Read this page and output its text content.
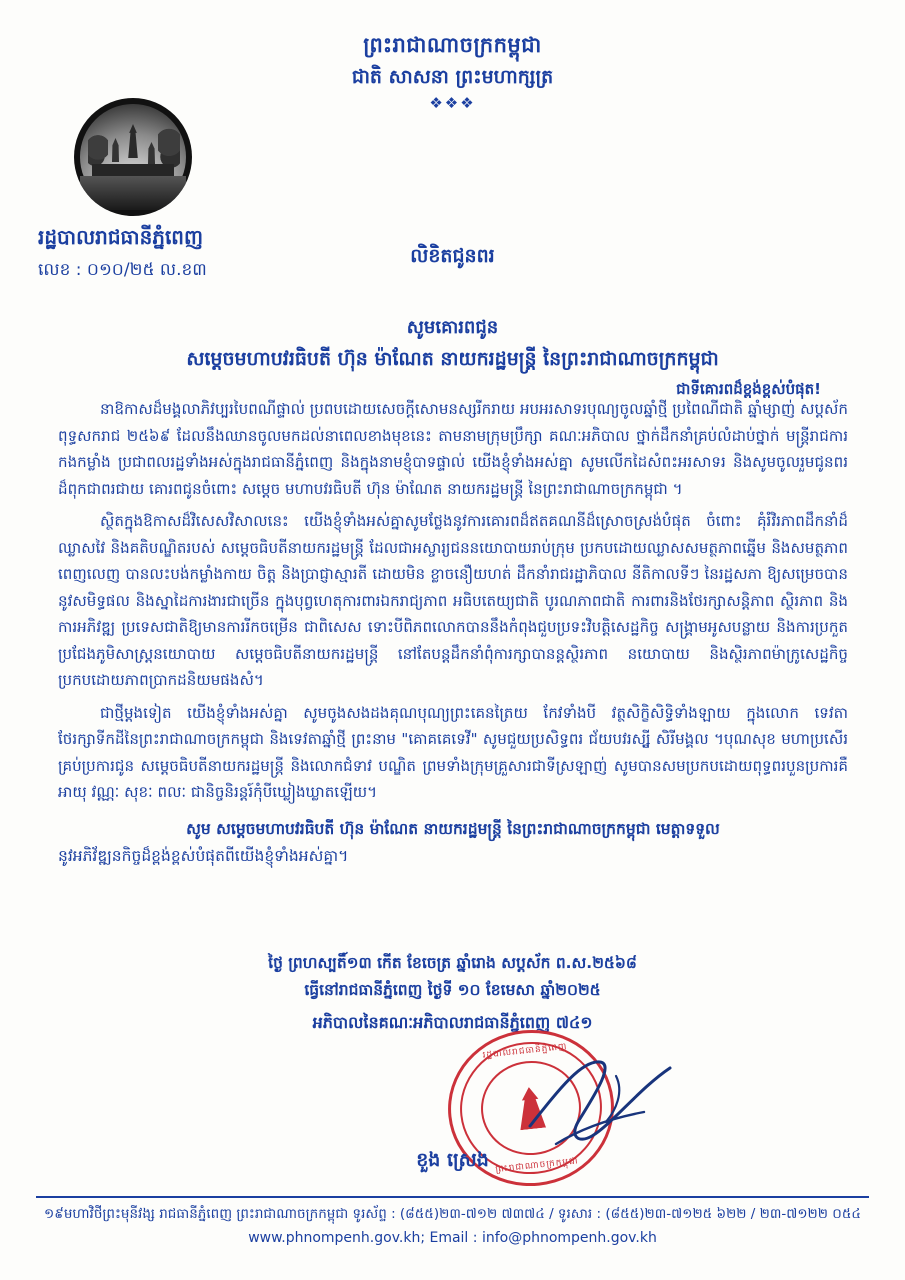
ព្រះរាជាណាចក្រកម្ពុជា
ជាតិ សាសនា ព្រះមហាក្សត្រ
❖❖❖
រដ្ឋបាលរាជធានីភ្នំពេញ
លេខ : ០១០/២៥ ល.ខ៣
លិខិតជូនពរ
សូមគោរពជូន
សម្តេចមហាបវរធិបតី ហ៊ុន ម៉ាណែត នាយករដ្ឋមន្ត្រី នៃព្រះរាជាណាចក្រកម្ពុជា
ជាទីគោរពដ៏ខ្ពង់ខ្ពស់បំផុត!

នាឱកាសដ៏មង្គលាភិវប្បរបៃពណីផ្ទាល់ ប្រពបដោយសេចក្ដីសោមនស្សរីករាយ អបអរសាទរបុណ្យចូលឆ្នាំថ្មី ប្រពៃណីជាតិ ឆ្នាំម្សាញ់ សប្ដស័ក ពុទ្ធសករាជ ២៥៦៩ ដែលនឹងឈានចូលមកដល់នាពេលខាងមុខនេះ តាមនាមក្រុមប្រឹក្សា គណៈអភិបាល ថ្នាក់ដឹកនាំគ្រប់លំដាប់ថ្នាក់ មន្ត្រីរាជការ កងកម្លាំង ប្រជាពលរដ្ឋទាំងអស់ក្នុងរាជធានីភ្នំពេញ និងក្នុងនាមខ្ញុំបាទផ្ទាល់ យើងខ្ញុំទាំងអស់គ្នា សូមលើកដៃសំពះអរសាទរ និងសូមចូលរួមជូនពរដ៏ពុកជាពរជាយ គោរពជូនចំពោះ សម្តេច មហាបវរធិបតី ហ៊ុន ម៉ាណែត នាយករដ្ឋមន្ត្រី នៃព្រះរាជាណាចក្រកម្ពុជា ។

ស្ថិតក្នុងឱកាសដ៏វិសេសវិសាលនេះ យើងខ្ញុំទាំងអស់គ្នាសូមថ្លែងនូវការគោរពដ៏ឥតគណនីដ៏ស្រោចស្រង់បំផុត ចំពោះ គុំរំវិរភាពដឹកនាំដ៏ឈ្លាសវៃ និងគតិបណ្ឌិតរបស់ សម្តេចធិបតីនាយករដ្ឋមន្ត្រី ដែលជាអស្ចារ្យជននយោបាយរាប់ក្រុម ប្រកបដោយឈ្លាសសមត្ថភាពឆ្នើម និងសមត្ថភាពពេញលេញ បានលះបង់កម្លាំងកាយ ចិត្ត និងប្រាជ្ញាស្មារតី ដោយមិន ខ្លាចនឿយហត់ ដឹកនាំរាជរដ្ឋាភិបាល នីតិកាលទីៗ នៃរដ្ឋសភា ឱ្យសម្រេចបាននូវសមិទ្ធផល និងស្នាដៃការងារជាច្រើន ក្នុងបុព្វហេតុការពារឯករាជ្យភាព អធិបតេយ្យជាតិ បូរណភាពជាតិ ការពារនិងថែរក្សាសន្តិភាព ស្ថិរភាព និងការអភិវឌ្ឍ ប្រទេសជាតិឱ្យមានការរីកចម្រើន ជាពិសេស ទោះបីពិភពលោកបាននឹងកំពុងជួបប្រទះវិបត្តិសេដ្ឋកិច្ច សង្គ្រាមអូសបន្លាយ និងការប្រកួតប្រជែងភូមិសាស្ត្រនយោបាយ សម្តេចធិបតីនាយករដ្ឋមន្ត្រី នៅតែបន្តដឹកនាំពុំការក្សាបានន្តស្ថិរភាព នយោបាយ និងស្ថិរភាពម៉ាក្រូសេដ្ឋកិច្ច ប្រកបដោយភាពប្រាកដនិយមផងសំ។

ជាថ្មីម្ដងទៀត យើងខ្ញុំទាំងអស់គ្នា សូមចូងសងដងគុណបុណ្យព្រះគេនត្រៃយ កែវទាំងបី វត្ថសិក្ខិសិទ្ធិទាំងឡាយ ក្នុងលោក ទេវតាថែរក្សាទីកដីនៃព្រះរាជាណាចក្រកម្ពុជា និងទេវតាឆ្នាំថ្មី ព្រះនាម "គោគគេទេវី" សូមជួយប្រសិទ្ធពរ ជ័យបវរស្ស្ដី សិរីមង្គល ។បុណសុខ មហាប្រសើរគ្រប់ប្រការជូន សម្តេចធិបតីនាយករដ្ឋមន្ត្រី និងលោកជំទាវ បណ្ឌិត ព្រមទាំងក្រុមគ្រួសារជាទីស្រឡាញ់ សូមបានសមប្រកបដោយពុទ្ធពរបួនប្រការគឺ អាយុ វណ្ណៈ សុខៈ ពលៈ ជានិច្ចនិរន្ដរ៍កុំបីឃ្លៀងឃ្លាតឡើយ។

សូម សម្តេចមហាបវរធិបតី ហ៊ុន ម៉ាណែត នាយករដ្ឋមន្ត្រី នៃព្រះរាជាណាចក្រកម្ពុជា មេត្តាទទួល
នូវអភិវ័ឌ្ឍនកិច្ចដ៏ខ្ពង់ខ្ពស់បំផុតពីយើងខ្ញុំទាំងអស់គ្នា។
ថ្ងៃ ព្រហស្បតិ៍១៣ កើត ខែចេត្រ ឆ្នាំរោង សប្ដស័ក ព.ស.២៥៦៨
ធ្វើនៅរាជធានីភ្នំពេញ ថ្ងៃទី ១០ ខែមេសា ឆ្នាំ២០២៥
អភិបាលនៃគណៈអភិបាលរាជធានីភ្នំពេញ ៧៤១
រដ្ឋបាលរាជធានីភ្នំពេញ
ព្រះរាជាណាចក្រកម្ពុជា
ខួង ស្រេង
១៩មហាវិថីព្រះមុនីវង្ស រាជធានីភ្នំពេញ ព្រះរាជាណាចក្រកម្ពុជា ទូរស័ព្ទ : (៨៥៥)២៣-៧១២ ៧៣៧៤ / ទូរសារ : (៨៥៥)២៣-៧១២៥ ៦២២ / ២៣-៧១២២ ០៥៤
www.phnompenh.gov.kh; Email : info@phnompenh.gov.kh
